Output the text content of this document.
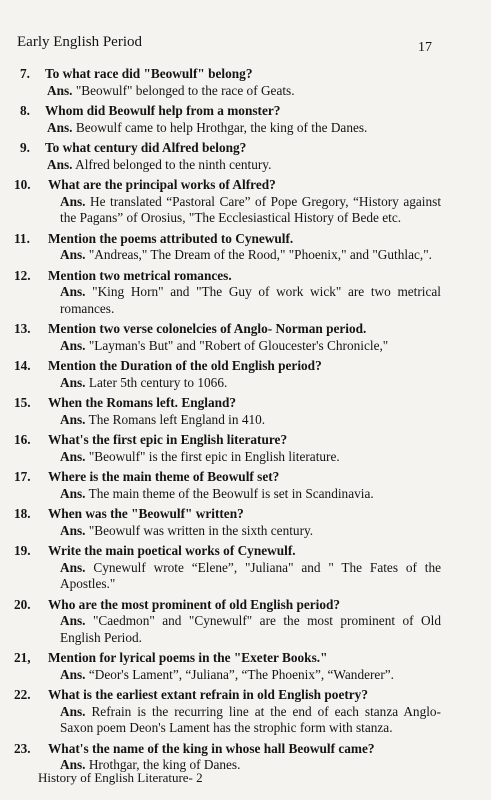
Early English Period	17
7. To what race did "Beowulf" belong?
Ans. "Beowulf" belonged to the race of Geats.
8. Whom did Beowulf help from a monster?
Ans. Beowulf came to help Hrothgar, the king of the Danes.
9. To what century did Alfred belong?
Ans. Alfred belonged to the ninth century.
10. What are the principal works of Alfred?
Ans. He translated “Pastoral Care” of Pope Gregory, “History against the Pagans” of Orosius, "The Ecclesiastical History of Bede etc.
11. Mention the poems attributed to Cynewulf.
Ans. "Andreas," The Dream of the Rood," "Phoenix," and "Guthlac,".
12. Mention two metrical romances.
Ans. "King Horn" and "The Guy of work wick" are two metrical romances.
13. Mention two verse colonelcies of Anglo- Norman period.
Ans. "Layman's But" and "Robert of Gloucester's Chronicle,"
14. Mention the Duration of the old English period?
Ans. Later 5th century to 1066.
15. When the Romans left. England?
Ans. The Romans left England in 410.
16. What's the first epic in English literature?
Ans. "Beowulf" is the first epic in English literature.
17. Where is the main theme of Beowulf set?
Ans. The main theme of the Beowulf is set in Scandinavia.
18. When was the "Beowulf" written?
Ans. "Beowulf was written in the sixth century.
19. Write the main poetical works of Cynewulf.
Ans. Cynewulf wrote “Elene”, "Juliana" and " The Fates of the Apostles."
20. Who are the most prominent of old English period?
Ans. "Caedmon" and "Cynewulf" are the most prominent of Old English Period.
21, Mention for lyrical poems in the "Exeter Books."
Ans. “Deor's Lament”, “Juliana”, “The Phoenix”, “Wanderer”.
22. What is the earliest extant refrain in old English poetry?
Ans. Refrain is the recurring line at the end of each stanza Anglo-Saxon poem Deon's Lament has the strophic form with stanza.
23. What's the name of the king in whose hall Beowulf came?
Ans. Hrothgar, the king of Danes.
History of English Literature- 2
